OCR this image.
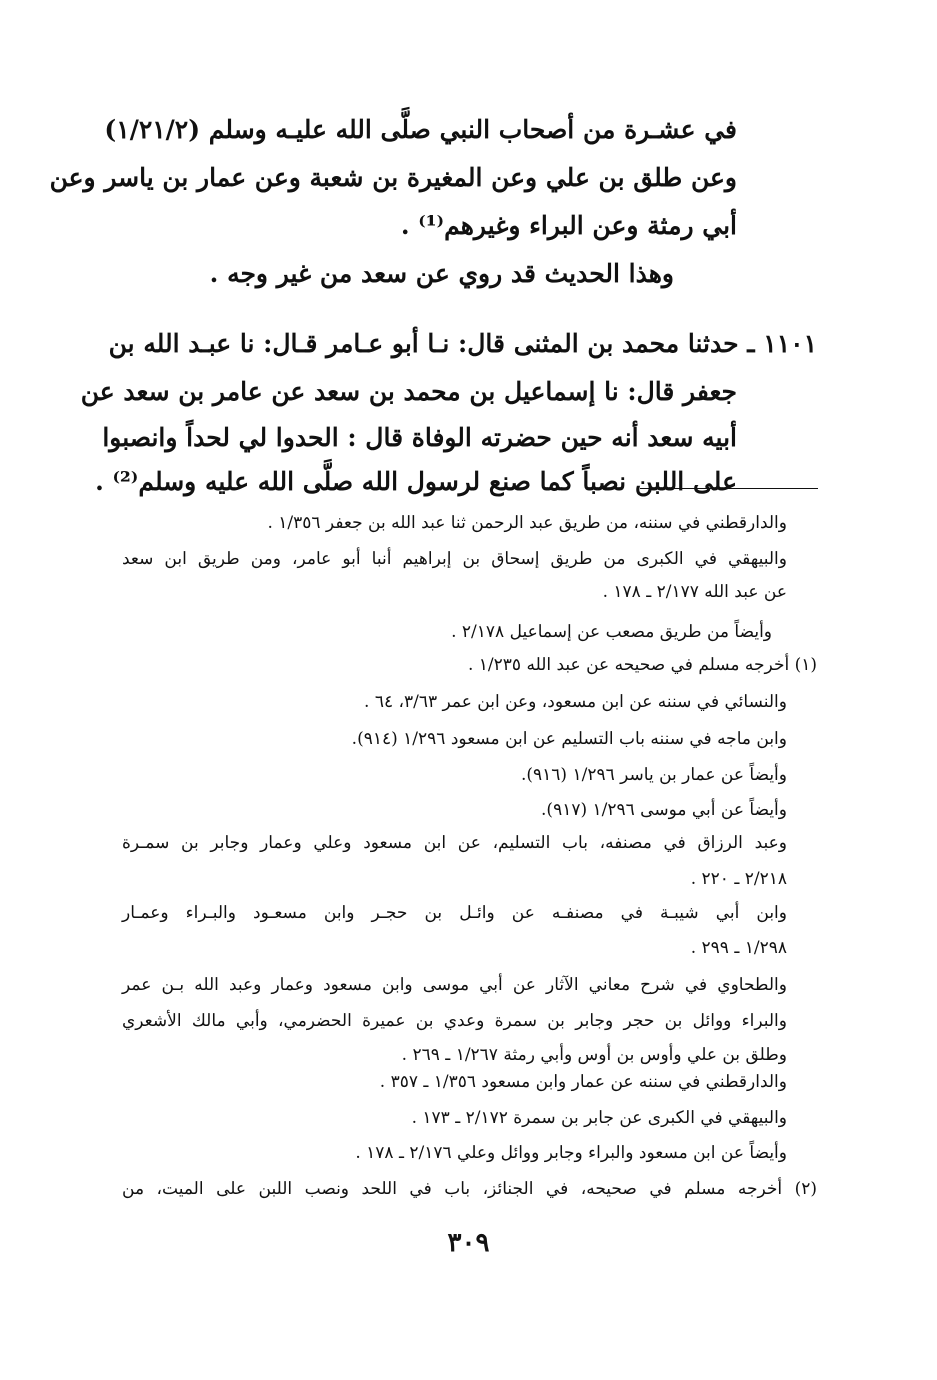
في عشـرة من أصحاب النبي صلَّى الله عليـه وسلم (١/٢١/٢)
وعن طلق بن علي وعن المغيرة بن شعبة وعن عمار بن ياسر وعن
أبي رمثة وعن البراء وغيرهم⁽¹⁾ .
وهذا الحديث قد روي عن سعد من غير وجه .
١١٠١ ـ حدثنا محمد بن المثنى قال: نـا أبو عـامر قـال: نا عبـد الله بن
جعفر قال: نا إسماعيل بن محمد بن سعد عن عامر بن سعد عن
أبيه سعد أنه حين حضرته الوفاة قال : الحدوا لي لحداً وانصبوا
على اللبن نصباً كما صنع لرسول الله صلَّى الله عليه وسلم⁽²⁾ .
والدارقطني في سننه، من طريق عبد الرحمن ثنا عبد الله بن جعفر ١/٣٥٦ .
والبيهقي في الكبرى من طريق إسحاق بن إبراهيم أنبا أبو عامر، ومن طريق ابن سعد
عن عبد الله ٢/١٧٧ ـ ١٧٨ .
وأيضاً من طريق مصعب عن إسماعيل ٢/١٧٨ .
(١) أخرجه مسلم في صحيحه عن عبد الله ١/٢٣٥ .
والنسائي في سننه عن ابن مسعود، وعن ابن عمر ٣/٦٣، ٦٤ .
وابن ماجه في سننه باب التسليم عن ابن مسعود ١/٢٩٦ (٩١٤).
وأيضاً عن عمار بن ياسر ١/٢٩٦ (٩١٦).
وأيضاً عن أبي موسى ١/٢٩٦ (٩١٧).
وعبد الرزاق في مصنفه، باب التسليم، عن ابن مسعود وعلي وعمار وجابر بن سمـرة
٢/٢١٨ ـ ٢٢٠ .
وابن أبي شيبـة في مصنفـه عن وائـل بن حجـر وابن مسعـود والبـراء وعمـار
١/٢٩٨ ـ ٢٩٩ .
والطحاوي في شرح معاني الآثار عن أبي موسى وابن مسعود وعمار وعبد الله بـن عمر
والبراء ووائل بن حجر وجابر بن سمرة وعدي بن عميرة الحضرمي، وأبي مالك الأشعري
وطلق بن علي وأوس بن أوس وأبي رمثة ١/٢٦٧ ـ ٢٦٩ .
والدارقطني في سننه عن عمار وابن مسعود ١/٣٥٦ ـ ٣٥٧ .
والبيهقي في الكبرى عن جابر بن سمرة ٢/١٧٢ ـ ١٧٣ .
وأيضاً عن ابن مسعود والبراء وجابر ووائل وعلي ٢/١٧٦ ـ ١٧٨ .
(٢) أخرجه مسلم في صحيحه، في الجنائز، باب في اللحد ونصب اللبن على الميت، من
٣٠٩
